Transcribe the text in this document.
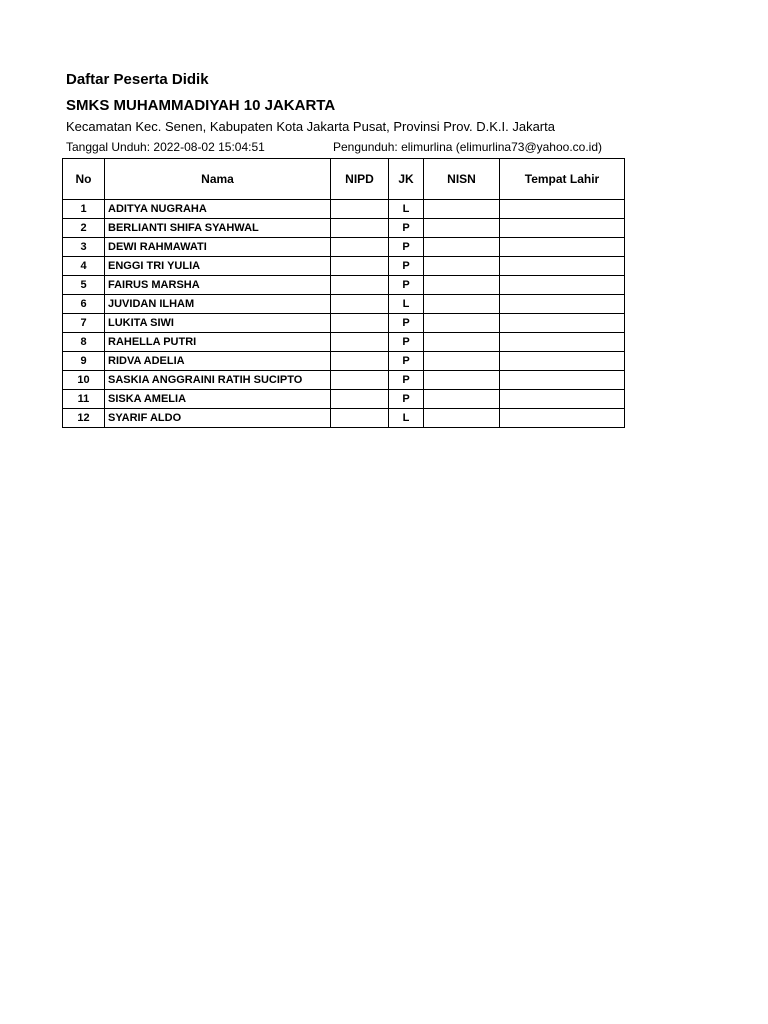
Daftar Peserta Didik
SMKS MUHAMMADIYAH 10 JAKARTA
Kecamatan Kec. Senen, Kabupaten Kota Jakarta Pusat, Provinsi Prov. D.K.I. Jakarta
Tanggal Unduh: 2022-08-02 15:04:51	Pengunduh: elimurlina (elimurlina73@yahoo.co.id)
No	Nama	NIPD	JK	NISN	Tempat Lahir
1	ADITYA NUGRAHA		L		
2	BERLIANTI SHIFA SYAHWAL		P		
3	DEWI RAHMAWATI		P		
4	ENGGI TRI YULIA		P		
5	FAIRUS MARSHA		P		
6	JUVIDAN ILHAM		L		
7	LUKITA SIWI		P		
8	RAHELLA PUTRI		P		
9	RIDVA ADELIA		P		
10	SASKIA ANGGRAINI RATIH SUCIPTO		P		
11	SISKA AMELIA		P		
12	SYARIF ALDO		L		
